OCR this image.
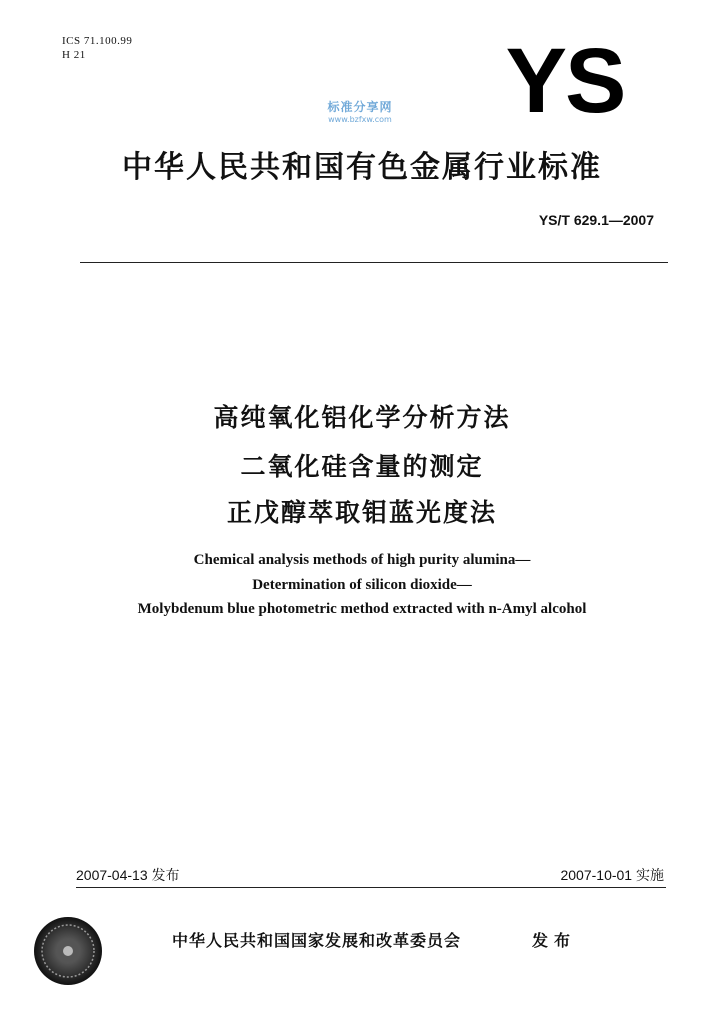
ICS 71.100.99
H 21	YS
标准分享网
www.bzfxw.com
中华人民共和国有色金属行业标准
YS/T 629.1—2007
高纯氧化铝化学分析方法
二氧化硅含量的测定
正戊醇萃取钼蓝光度法
Chemical analysis methods of high purity alumina—
Determination of silicon dioxide—
Molybdenum blue photometric method extracted with n-Amyl alcohol
2007-04-13 发布	2007-10-01 实施
中华人民共和国国家发展和改革委员会	发布
